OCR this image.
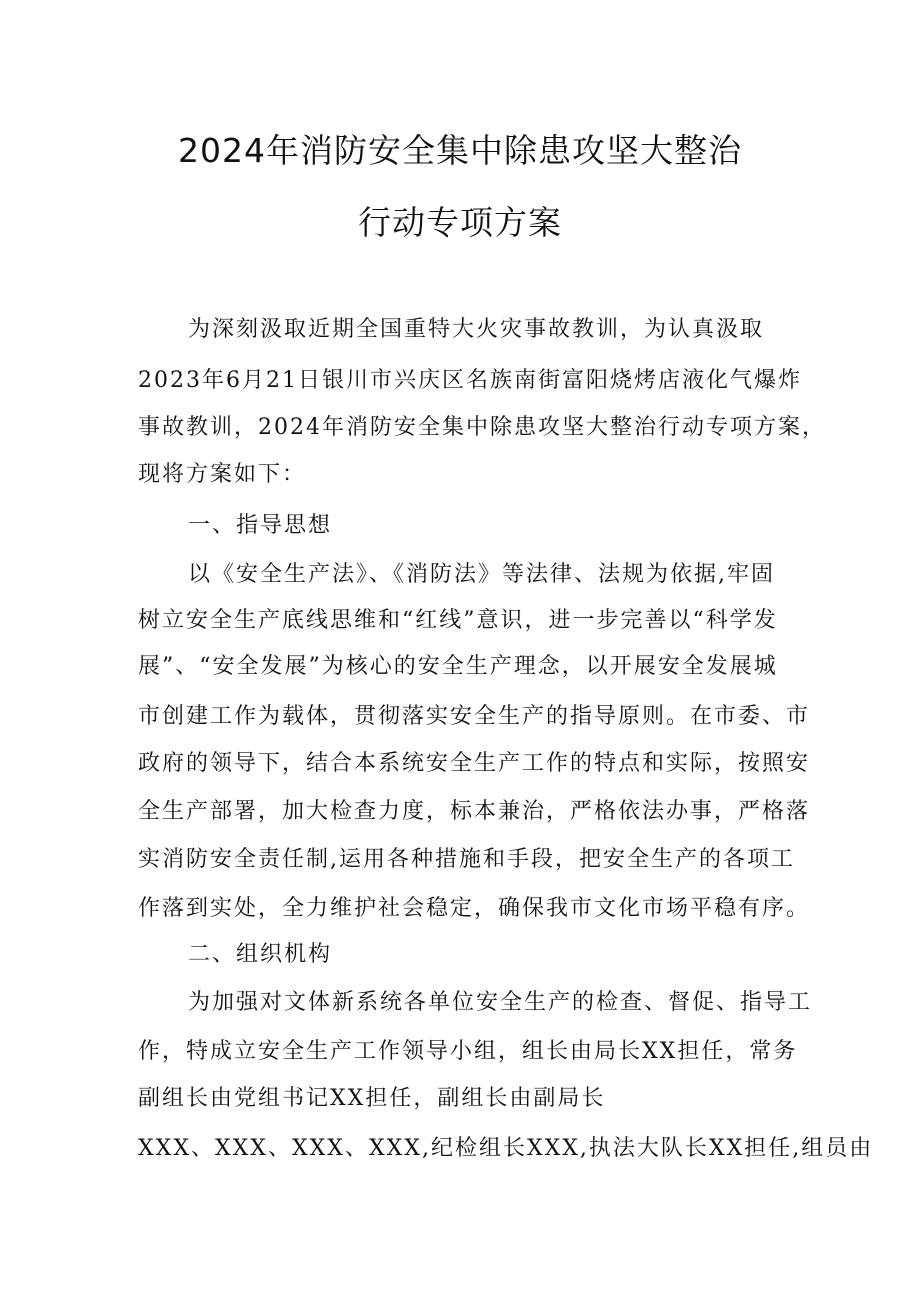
2024年消防安全集中除患攻坚大整治
行动专项方案
为深刻汲取近期全国重特大火灾事故教训，为认真汲取
2023年6月21日银川市兴庆区名族南街富阳烧烤店液化气爆炸
事故教训，2024年消防安全集中除患攻坚大整治行动专项方案，
现将方案如下：
一、指导思想
以《安全生产法》、《消防法》等法律、法规为依据,牢固
树立安全生产底线思维和“红线”意识，进一步完善以“科学发
展”、“安全发展”为核心的安全生产理念，以开展安全发展城
市创建工作为载体，贯彻落实安全生产的指导原则。在市委、市
政府的领导下，结合本系统安全生产工作的特点和实际，按照安
全生产部署，加大检查力度，标本兼治，严格依法办事，严格落
实消防安全责任制,运用各种措施和手段，把安全生产的各项工
作落到实处，全力维护社会稳定，确保我市文化市场平稳有序。
二、组织机构
为加强对文体新系统各单位安全生产的检查、督促、指导工
作，特成立安全生产工作领导小组，组长由局长XX担任，常务
副组长由党组书记XX担任，副组长由副局长
XXX、XXX、XXX、XXX,纪检组长XXX,执法大队长XX担任,组员由
